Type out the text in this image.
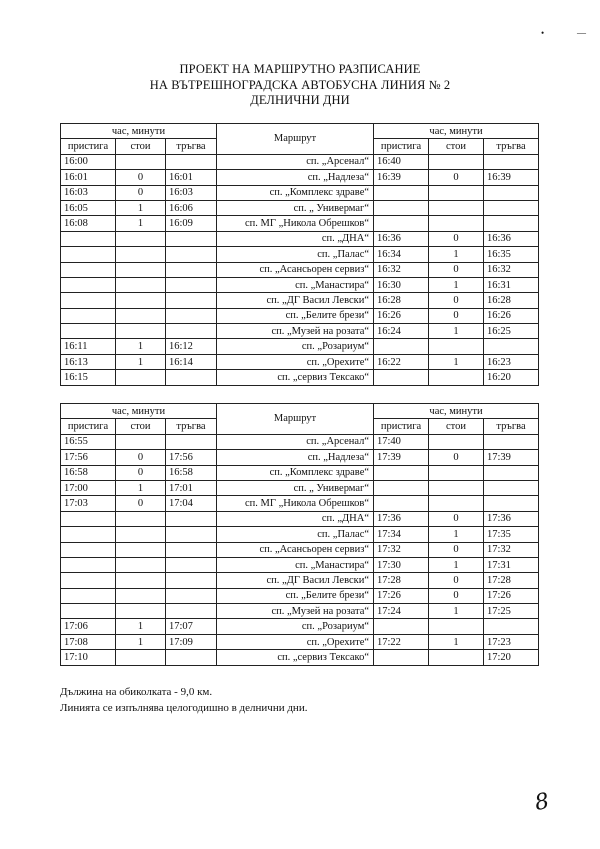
•	—
ПРОЕКТ НА МАРШРУТНО РАЗПИСАНИЕ
НА ВЪТРЕШНОГРАДСКА АВТОБУСНА ЛИНИЯ № 2
ДЕЛНИЧНИ ДНИ
час, минути			Маршрут	час, минути		
пристига	стои	тръгва		пристига	стои	тръгва
16:00			сп. „Арсенал“	16:40		
16:01	0	16:01	сп. „Надлеза“	16:39	0	16:39
16:03	0	16:03	сп. „Комплекс здраве“			
16:05	1	16:06	сп. „ Универмаг“			
16:08	1	16:09	сп. МГ „Никола Обрешков“			
			сп. „ДНА“	16:36	0	16:36
			сп. „Палас“	16:34	1	16:35
			сп. „Асансьорен сервиз“	16:32	0	16:32
			сп. „Манастира“	16:30	1	16:31
			сп. „ДГ Васил Левски“	16:28	0	16:28
			сп. „Белите брези“	16:26	0	16:26
			сп. „Музей на розата“	16:24	1	16:25
16:11	1	16:12	сп. „Розариум“			
16:13	1	16:14	сп. „Орехите“	16:22	1	16:23
16:15			сп. „сервиз Тексако“			16:20
час, минути			Маршрут	час, минути		
пристига	стои	тръгва		пристига	стои	тръгва
16:55			сп. „Арсенал“	17:40		
17:56	0	17:56	сп. „Надлеза“	17:39	0	17:39
16:58	0	16:58	сп. „Комплекс здраве“			
17:00	1	17:01	сп. „ Универмаг“			
17:03	0	17:04	сп. МГ „Никола Обрешков“			
			сп. „ДНА“	17:36	0	17:36
			сп. „Палас“	17:34	1	17:35
			сп. „Асансьорен сервиз“	17:32	0	17:32
			сп. „Манастира“	17:30	1	17:31
			сп. „ДГ Васил Левски“	17:28	0	17:28
			сп. „Белите брези“	17:26	0	17:26
			сп. „Музей на розата“	17:24	1	17:25
17:06	1	17:07	сп. „Розариум“			
17:08	1	17:09	сп. „Орехите“	17:22	1	17:23
17:10			сп. „сервиз Тексако“			17:20
Дължина на обиколката - 9,0 км.
Линията се изпълнява целогодишно в делнични дни.
8
